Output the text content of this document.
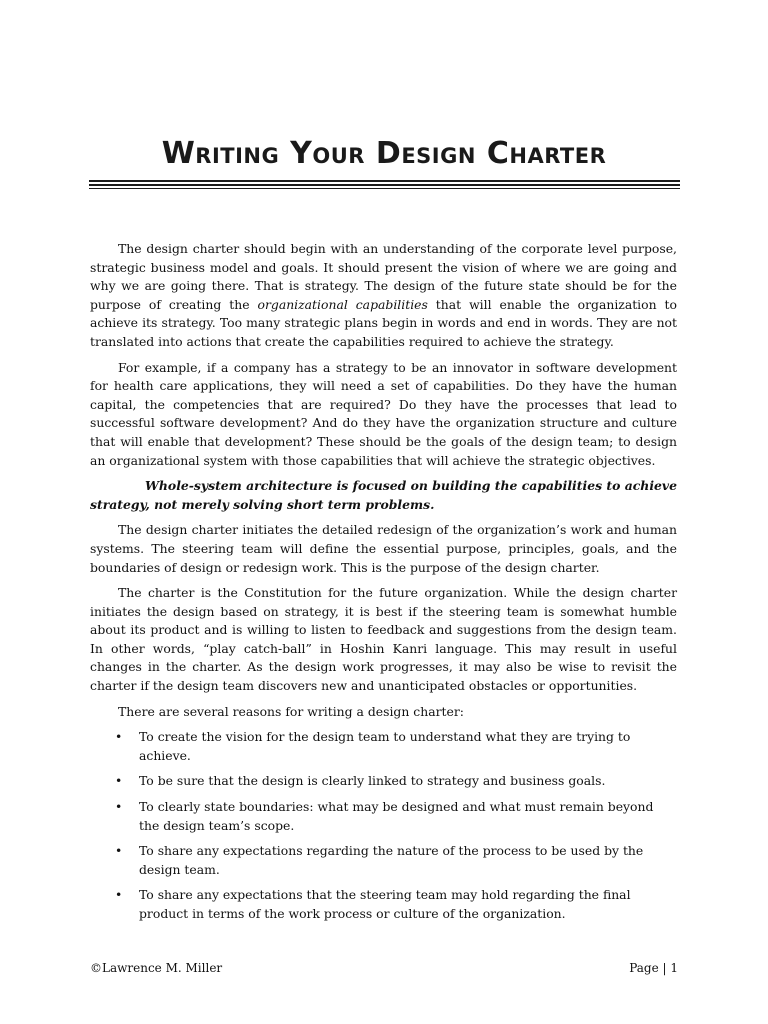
Writing Your Design Charter

The design charter should begin with an understanding of the corporate level purpose, strategic business model and goals. It should present the vision of where we are going and why we are going there. That is strategy. The design of the future state should be for the purpose of creating the organizational capabilities that will enable the organization to achieve its strategy. Too many strategic plans begin in words and end in words. They are not translated into actions that create the capabilities required to achieve the strategy.

For example, if a company has a strategy to be an innovator in software development for health care applications, they will need a set of capabilities. Do they have the human capital, the competencies that are required? Do they have the processes that lead to successful software development? And do they have the organization structure and culture that will enable that development? These should be the goals of the design team; to design an organizational system with those capabilities that will achieve the strategic objectives.

Whole-system architecture is focused on building the capabilities to achieve strategy, not merely solving short term problems.

The design charter initiates the detailed redesign of the organization’s work and human systems. The steering team will define the essential purpose, principles, goals, and the boundaries of design or redesign work. This is the purpose of the design charter.

The charter is the Constitution for the future organization. While the design charter initiates the design based on strategy, it is best if the steering team is somewhat humble about its product and is willing to listen to feedback and suggestions from the design team. In other words, “play catch-ball” in Hoshin Kanri language. This may result in useful changes in the charter. As the design work progresses, it may also be wise to revisit the charter if the design team discovers new and unanticipated obstacles or opportunities.

There are several reasons for writing a design charter:

• To create the vision for the design team to understand what they are trying to achieve.
• To be sure that the design is clearly linked to strategy and business goals.
• To clearly state boundaries: what may be designed and what must remain beyond the design team’s scope.
• To share any expectations regarding the nature of the process to be used by the design team.
• To share any expectations that the steering team may hold regarding the final product in terms of the work process or culture of the organization.
©Lawrence M. Miller	Page | 1
